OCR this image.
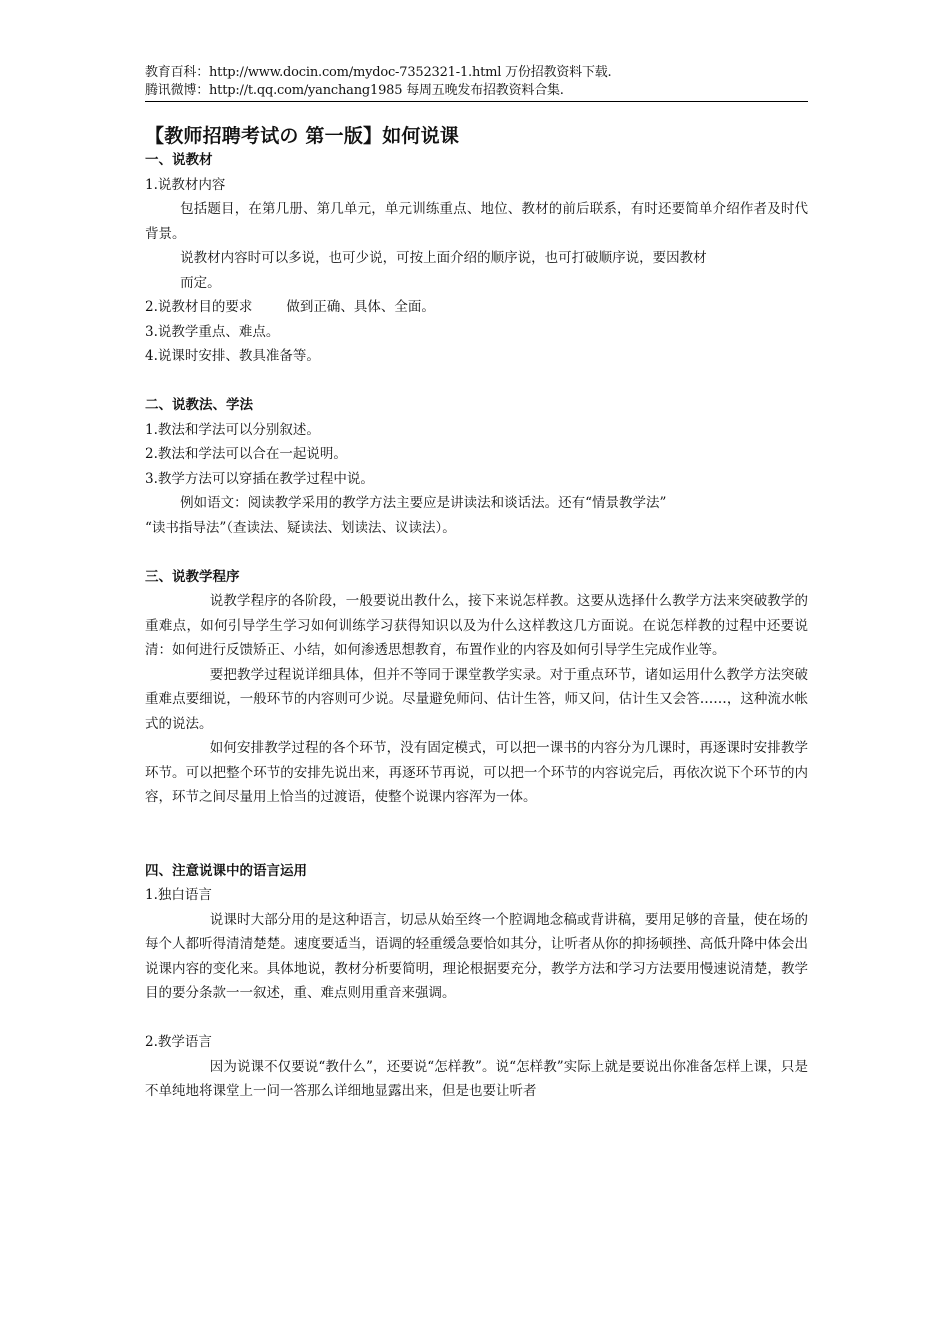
教育百科：http://www.docin.com/mydoc-7352321-1.html 万份招教资料下载.
腾讯微博：http://t.qq.com/yanchang1985 每周五晚发布招教资料合集.
【教师招聘考试の 第一版】如何说课
一、说教材
1.说教材内容
包括题目，在第几册、第几单元，单元训练重点、地位、教材的前后联系，有时还要简单介绍作者及时代背景。
说教材内容时可以多说，也可少说，可按上面介绍的顺序说，也可打破顺序说，要因教材
而定。
2.说教材目的要求	做到正确、具体、全面。
3.说教学重点、难点。
4.说课时安排、教具准备等。
二、说教法、学法
1.教法和学法可以分别叙述。
2.教法和学法可以合在一起说明。
3.教学方法可以穿插在教学过程中说。
例如语文：阅读教学采用的教学方法主要应是讲读法和谈话法。还有“情景教学法”
“读书指导法”（查读法、疑读法、划读法、议读法）。
三、说教学程序
说教学程序的各阶段，一般要说出教什么，接下来说怎样教。这要从选择什么教学方法来突破教学的重难点，如何引导学生学习如何训练学习获得知识以及为什么这样教这几方面说。在说怎样教的过程中还要说清：如何进行反馈矫正、小结，如何渗透思想教育，布置作业的内容及如何引导学生完成作业等。
要把教学过程说详细具体，但并不等同于课堂教学实录。对于重点环节，诸如运用什么教学方法突破重难点要细说，一般环节的内容则可少说。尽量避免师问、估计生答，师又问，估计生又会答……，这种流水帐式的说法。
如何安排教学过程的各个环节，没有固定模式，可以把一课书的内容分为几课时，再逐课时安排教学环节。可以把整个环节的安排先说出来，再逐环节再说，可以把一个环节的内容说完后，再依次说下个环节的内容，环节之间尽量用上恰当的过渡语，使整个说课内容浑为一体。
四、注意说课中的语言运用
1.独白语言
说课时大部分用的是这种语言，切忌从始至终一个腔调地念稿或背讲稿，要用足够的音量，使在场的每个人都听得清清楚楚。速度要适当，语调的轻重缓急要恰如其分，让听者从你的抑扬顿挫、高低升降中体会出说课内容的变化来。具体地说，教材分析要简明，理论根据要充分，教学方法和学习方法要用慢速说清楚，教学目的要分条款一一叙述，重、难点则用重音来强调。
2.教学语言
因为说课不仅要说“教什么”，还要说“怎样教”。说“怎样教”实际上就是要说出你准备怎样上课，只是不单纯地将课堂上一问一答那么详细地显露出来，但是也要让听者
